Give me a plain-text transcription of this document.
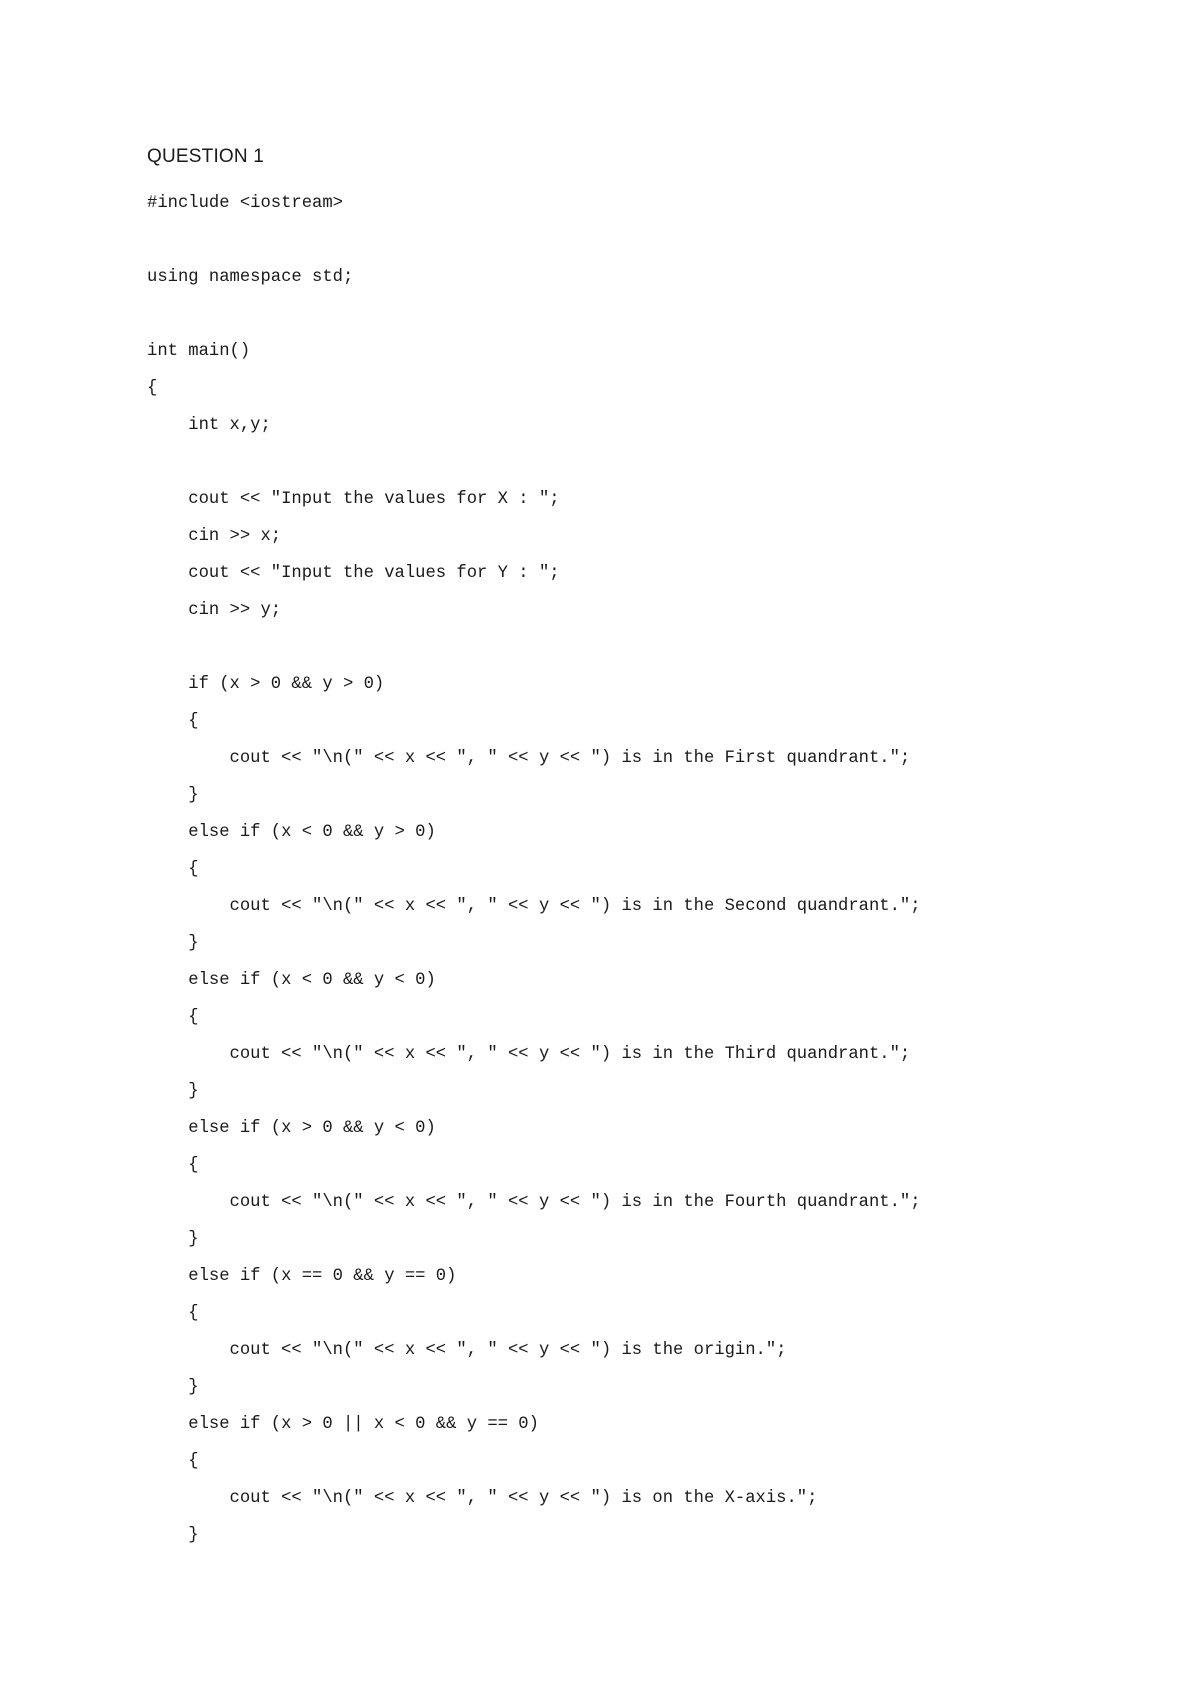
QUESTION 1
#include <iostream>
using namespace std;
int main()
{
int x,y;
cout << "Input the values for X : ";
cin >> x;
cout << "Input the values for Y : ";
cin >> y;
if (x > 0 && y > 0)
{
cout << "\n(" << x << ", " << y << ") is in the First quandrant.";
}
else if (x < 0 && y > 0)
{
cout << "\n(" << x << ", " << y << ") is in the Second quandrant.";
}
else if (x < 0 && y < 0)
{
cout << "\n(" << x << ", " << y << ") is in the Third quandrant.";
}
else if (x > 0 && y < 0)
{
cout << "\n(" << x << ", " << y << ") is in the Fourth quandrant.";
}
else if (x == 0 && y == 0)
{
cout << "\n(" << x << ", " << y << ") is the origin.";
}
else if (x > 0 || x < 0 && y == 0)
{
cout << "\n(" << x << ", " << y << ") is on the X-axis.";
}
